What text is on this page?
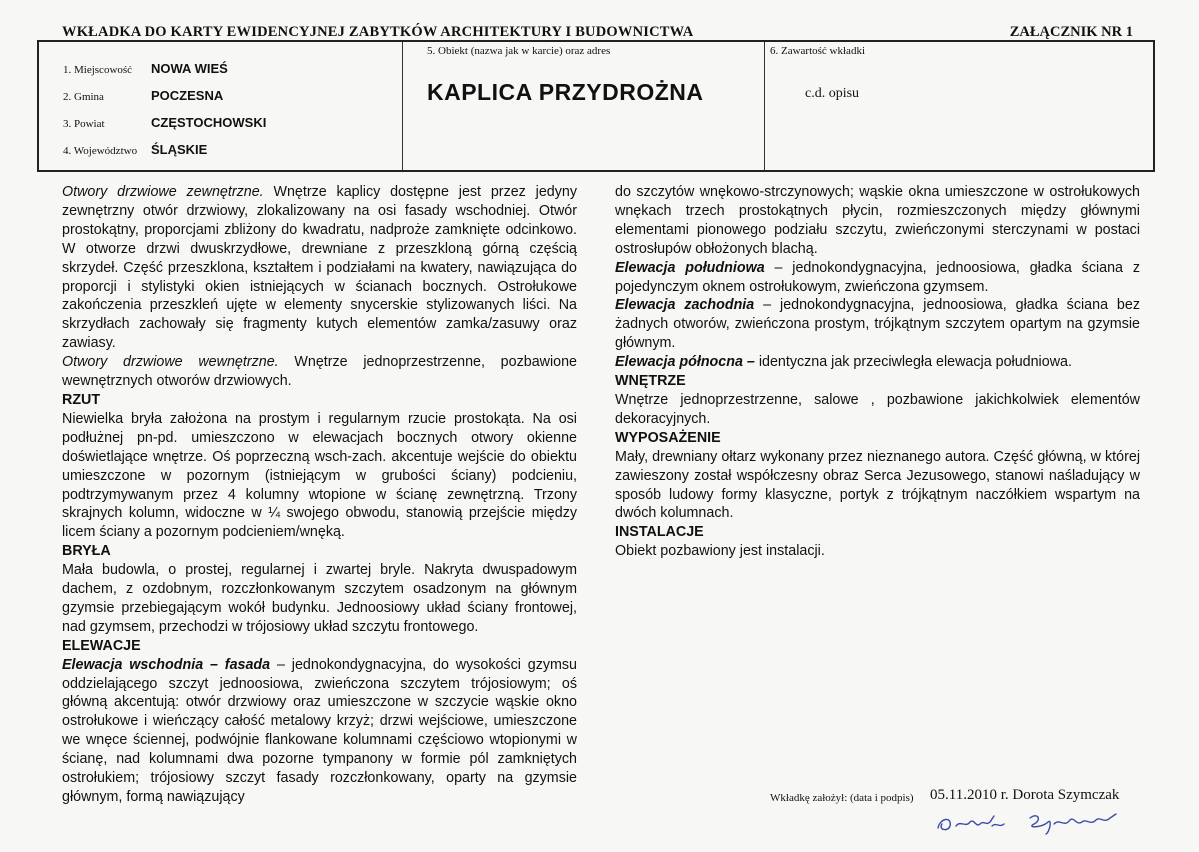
WKŁADKA DO KARTY EWIDENCYJNEJ ZABYTKÓW ARCHITEKTURY I BUDOWNICTWA	ZAŁĄCZNIK NR 1
1. Miejscowość NOWA WIEŚ
2. Gmina	POCZESNA
3. Powiat	CZĘSTOCHOWSKI
4. Województwo ŚLĄSKIE
5. Obiekt (nazwa jak w karcie) oraz adres
KAPLICA PRZYDROŻNA
6. Zawartość wkładki
c.d. opisu

Otwory drzwiowe zewnętrzne. Wnętrze kaplicy dostępne jest przez jedyny zewnętrzny otwór drzwiowy, zlokalizowany na osi fasady wschodniej. Otwór prostokątny, proporcjami zbliżony do kwadratu, nadproże zamknięte odcinkowo. W otworze drzwi dwuskrzydłowe, drewniane z przeszkloną górną częścią skrzydeł. Część przeszklona, kształtem i podziałami na kwatery, nawiązująca do proporcji i stylistyki okien istniejących w ścianach bocznych. Ostrołukowe zakończenia przeszkleń ujęte w elementy snycerskie stylizowanych liści. Na skrzydłach zachowały się fragmenty kutych elementów zamka/zasuwy oraz zawiasy.

Otwory drzwiowe wewnętrzne. Wnętrze jednoprzestrzenne, pozbawione wewnętrznych otworów drzwiowych.

RZUT

Niewielka bryła założona na prostym i regularnym rzucie prostokąta. Na osi podłużnej pn-pd. umieszczono w elewacjach bocznych otwory okienne doświetlające wnętrze. Oś poprzeczną wsch-zach. akcentuje wejście do obiektu umieszczone w pozornym (istniejącym w grubości ściany) podcieniu, podtrzymywanym przez 4 kolumny wtopione w ścianę zewnętrzną. Trzony skrajnych kolumn, widoczne w ¼ swojego obwodu, stanowią przejście między licem ściany a pozornym podcieniem/wnęką.

BRYŁA

Mała budowla, o prostej, regularnej i zwartej bryle. Nakryta dwuspadowym dachem, z ozdobnym, rozczłonkowanym szczytem osadzonym na głównym gzymsie przebiegającym wokół budynku. Jednoosiowy układ ściany frontowej, nad gzymsem, przechodzi w trójosiowy układ szczytu frontowego.

ELEWACJE

Elewacja wschodnia – fasada – jednokondygnacyjna, do wysokości gzymsu oddzielającego szczyt jednoosiowa, zwieńczona szczytem trójosiowym; oś główną akcentują: otwór drzwiowy oraz umieszczone w szczycie wąskie okno ostrołukowe i wieńczący całość metalowy krzyż; drzwi wejściowe, umieszczone we wnęce ściennej, podwójnie flankowane kolumnami częściowo wtopionymi w ścianę, nad kolumnami dwa pozorne tympanony w formie pól zamkniętych ostrołukiem; trójosiowy szczyt fasady rozczłonkowany, oparty na gzymsie głównym, formą nawiązujący

do szczytów wnękowo-strczynowych; wąskie okna umieszczone w ostrołukowych wnękach trzech prostokątnych płycin, rozmieszczonych między głównymi elementami pionowego podziału szczytu, zwieńczonymi sterczynami w postaci ostrosłupów obłożonych blachą.

Elewacja południowa – jednokondygnacyjna, jednoosiowa, gładka ściana z pojedynczym oknem ostrołukowym, zwieńczona gzymsem.

Elewacja zachodnia – jednokondygnacyjna, jednoosiowa, gładka ściana bez żadnych otworów, zwieńczona prostym, trójkątnym szczytem opartym na gzymsie głównym.

Elewacja północna – identyczna jak przeciwległa elewacja południowa.

WNĘTRZE

Wnętrze jednoprzestrzenne, salowe , pozbawione jakichkolwiek elementów dekoracyjnych.

WYPOSAŻENIE

Mały, drewniany ołtarz wykonany przez nieznanego autora. Część główną, w której zawieszony został współczesny obraz Serca Jezusowego, stanowi naśladujący w sposób ludowy formy klasyczne, portyk z trójkątnym naczółkiem wspartym na dwóch kolumnach.

INSTALACJE

Obiekt pozbawiony jest instalacji.

Wkładkę założył: (data i podpis) 05.11.2010 r. Dorota Szymczak
